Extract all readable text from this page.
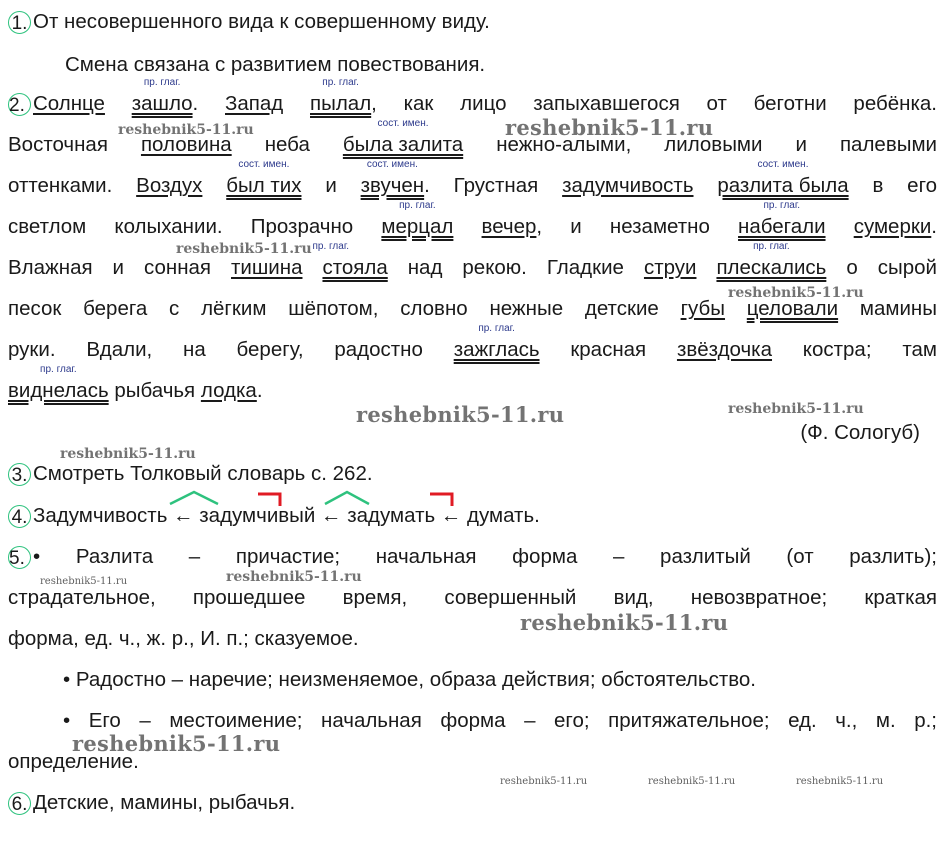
1. От несовершенного вида к совершенному виду.
Смена связана с развитием повествования.
2. Солнце
пр. глаг.
зашло. Запад
пр. глаг.
пылал, как лицо запыхавшегося от беготни ребёнка.
Восточная половина неба
сост. имен.
была залита нежно-алыми, лиловыми и палевыми
оттенками. Воздух
сост. имен.
был тих и
сост. имен.
звучен. Грустная задумчивость
сост. имен.
разлита была в его
светлом колыхании. Прозрачно
пр. глаг.
мерцал вечер, и незаметно
пр. глаг.
набегали сумерки.
Влажная и сонная тишина
пр. глаг.
стояла над рекою. Гладкие струи
пр. глаг.
плескались о сырой
песок берега с лёгким шёпотом, словно нежные детские губы целовали мамины
руки. Вдали, на берегу, радостно
пр. глаг.
зажглась красная звёздочка костра; там
пр. глаг.
виднелась рыбачья лодка.
(Ф. Сологуб)
3. Смотреть Толковый словарь с. 262.
4. Задумчивость ← задумчивый ← задумать ← думать.
5. • Разлита – причастие; начальная форма – разлитый (от разлить);
страдательное, прошедшее время, совершенный вид, невозвратное; краткая
форма, ед. ч., ж. р., И. п.; сказуемое.
• Радостно – наречие; неизменяемое, образа действия; обстоятельство.
• Его – местоимение; начальная форма – его; притяжательное; ед. ч., м. р.;
определение.
6. Детские, мамины, рыбачья.
reshebnik5-11.ru	reshebnik5-11.ru
reshebnik5-11.ru
reshebnik5-11.ru
reshebnik5-11.ru	reshebnik5-11.ru
reshebnik5-11.ru
reshebnik5-11.ru	reshebnik5-11.ru
reshebnik5-11.ru
reshebnik5-11.ru
reshebnik5-11.ru	reshebnik5-11.ru	reshebnik5-11.ru
